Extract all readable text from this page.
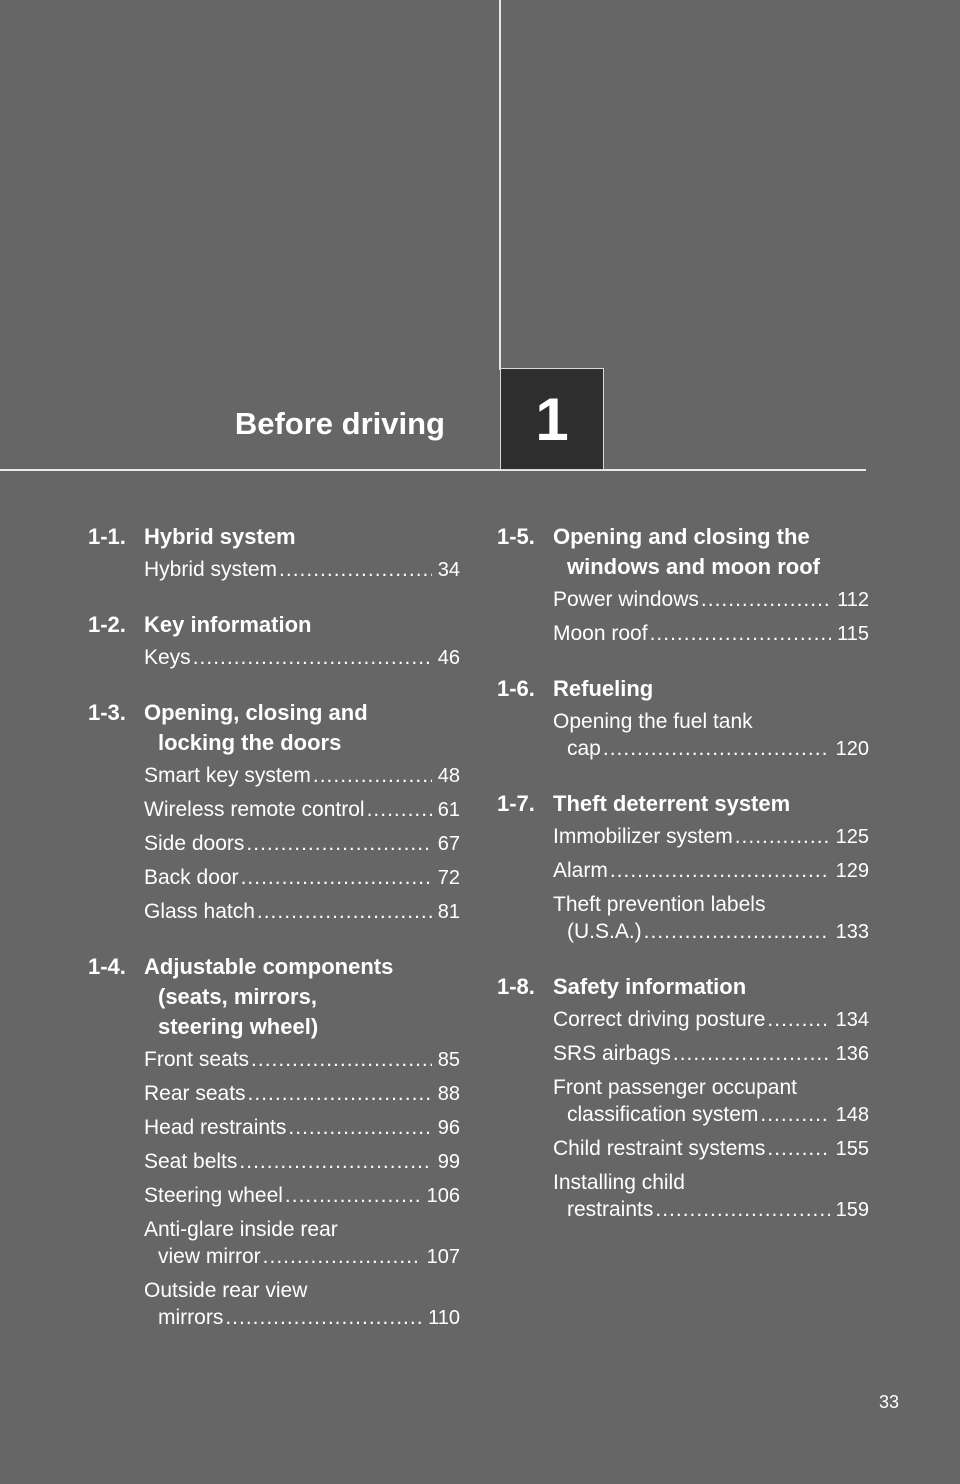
Before driving	1
1-1. Hybrid system
Hybrid system .....	34
1-2. Key information
Keys .....	46
1-3. Opening, closing and
locking the doors
Smart key system .....	48
Wireless remote control .....	61
Side doors .....	67
Back door .....	72
Glass hatch .....	81
1-4. Adjustable components
(seats, mirrors,
steering wheel)
Front seats .....	85
Rear seats .....	88
Head restraints .....	96
Seat belts .....	99
Steering wheel .....	106
Anti-glare inside rear
view mirror .....	107
Outside rear view
mirrors .....	110
1-5. Opening and closing the
windows and moon roof
Power windows .....	112
Moon roof .....	115
1-6. Refueling
Opening the fuel tank
cap .....	120
1-7. Theft deterrent system
Immobilizer system .....	125
Alarm .....	129
Theft prevention labels
(U.S.A.) .....	133
1-8. Safety information
Correct driving posture .....	134
SRS airbags .....	136
Front passenger occupant
classification system .....	148
Child restraint systems .....	155
Installing child
restraints .....	159
33
